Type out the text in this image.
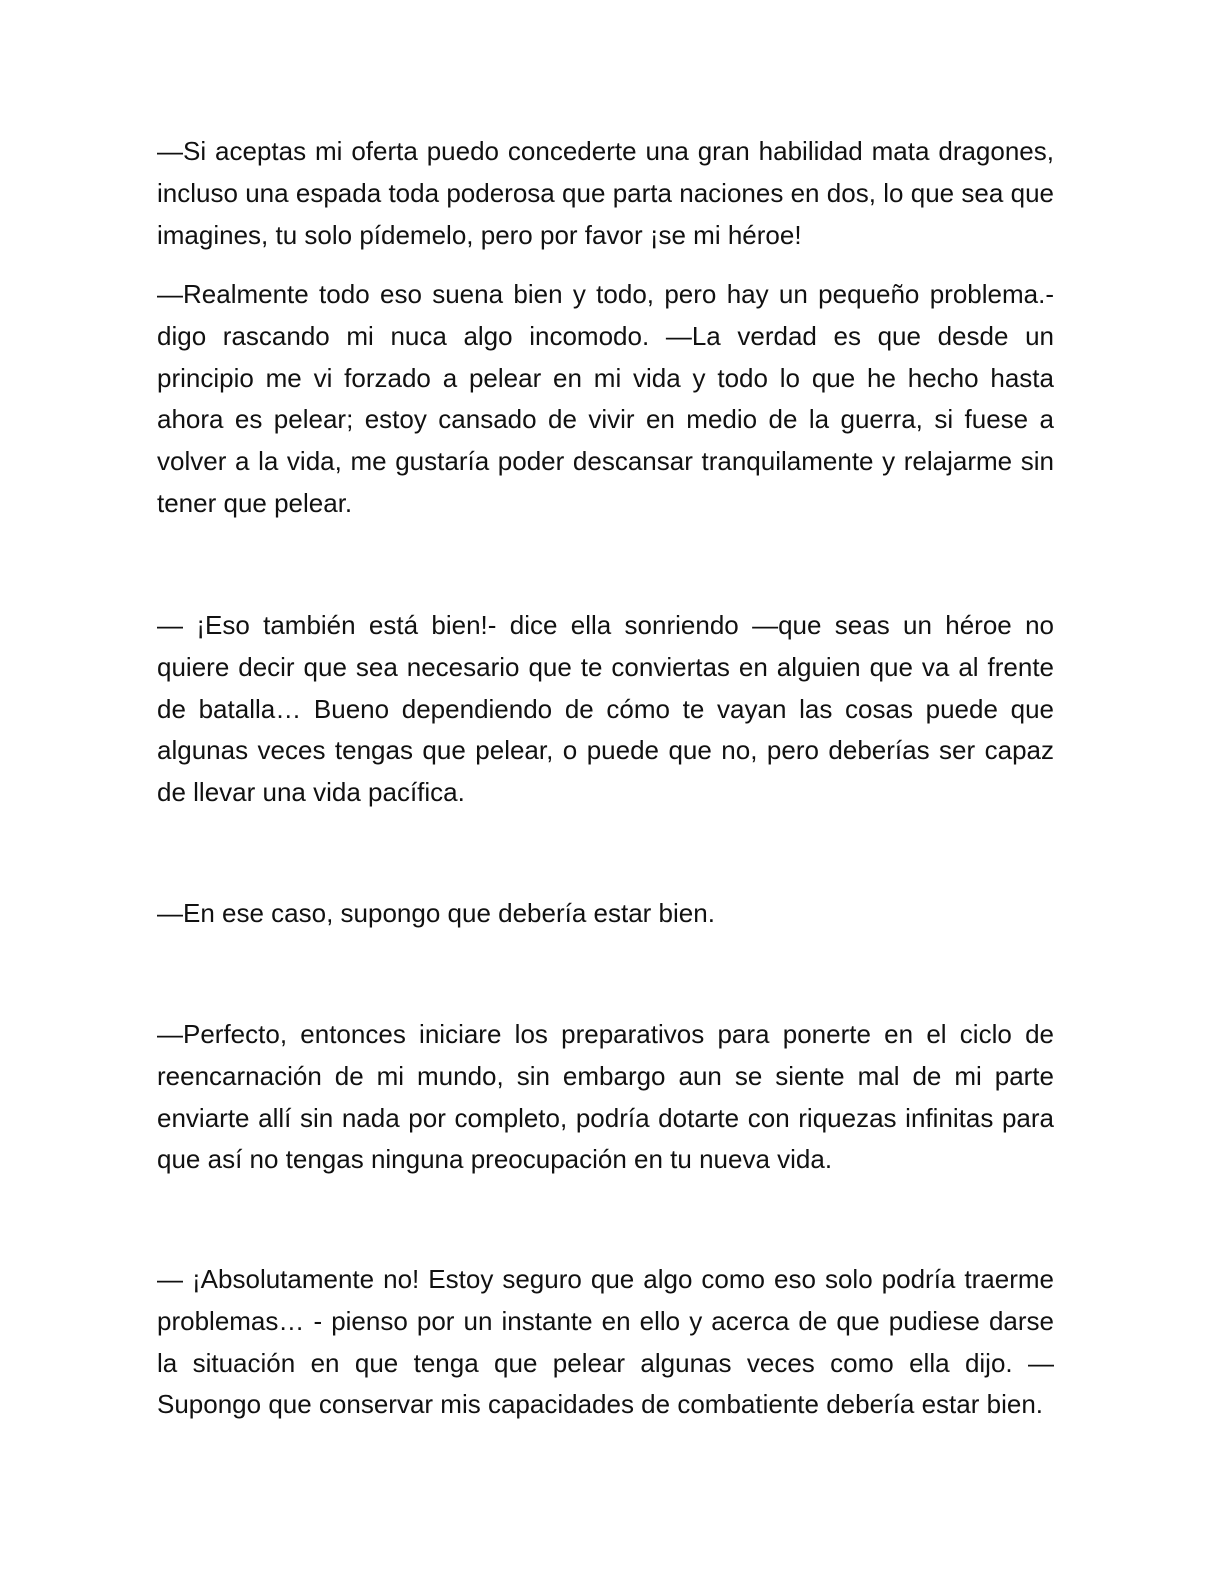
—Si aceptas mi oferta puedo concederte una gran habilidad mata dragones, incluso una espada toda poderosa que parta naciones en dos, lo que sea que imagines, tu solo pídemelo, pero por favor ¡se mi héroe!

—Realmente todo eso suena bien y todo, pero hay un pequeño problema.- digo rascando mi nuca algo incomodo. —La verdad es que desde un principio me vi forzado a pelear en mi vida y todo lo que he hecho hasta ahora es pelear; estoy cansado de vivir en medio de la guerra, si fuese a volver a la vida, me gustaría poder descansar tranquilamente y relajarme sin tener que pelear.

— ¡Eso también está bien!- dice ella sonriendo —que seas un héroe no quiere decir que sea necesario que te conviertas en alguien que va al frente de batalla… Bueno dependiendo de cómo te vayan las cosas puede que algunas veces tengas que pelear, o puede que no, pero deberías ser capaz de llevar una vida pacífica.

—En ese caso, supongo que debería estar bien.

—Perfecto, entonces iniciare los preparativos para ponerte en el ciclo de reencarnación de mi mundo, sin embargo aun se siente mal de mi parte enviarte allí sin nada por completo, podría dotarte con riquezas infinitas para que así no tengas ninguna preocupación en tu nueva vida.

— ¡Absolutamente no! Estoy seguro que algo como eso solo podría traerme problemas… - pienso por un instante en ello y acerca de que pudiese darse la situación en que tenga que pelear algunas veces como ella dijo. —Supongo que conservar mis capacidades de combatiente debería estar bien.
